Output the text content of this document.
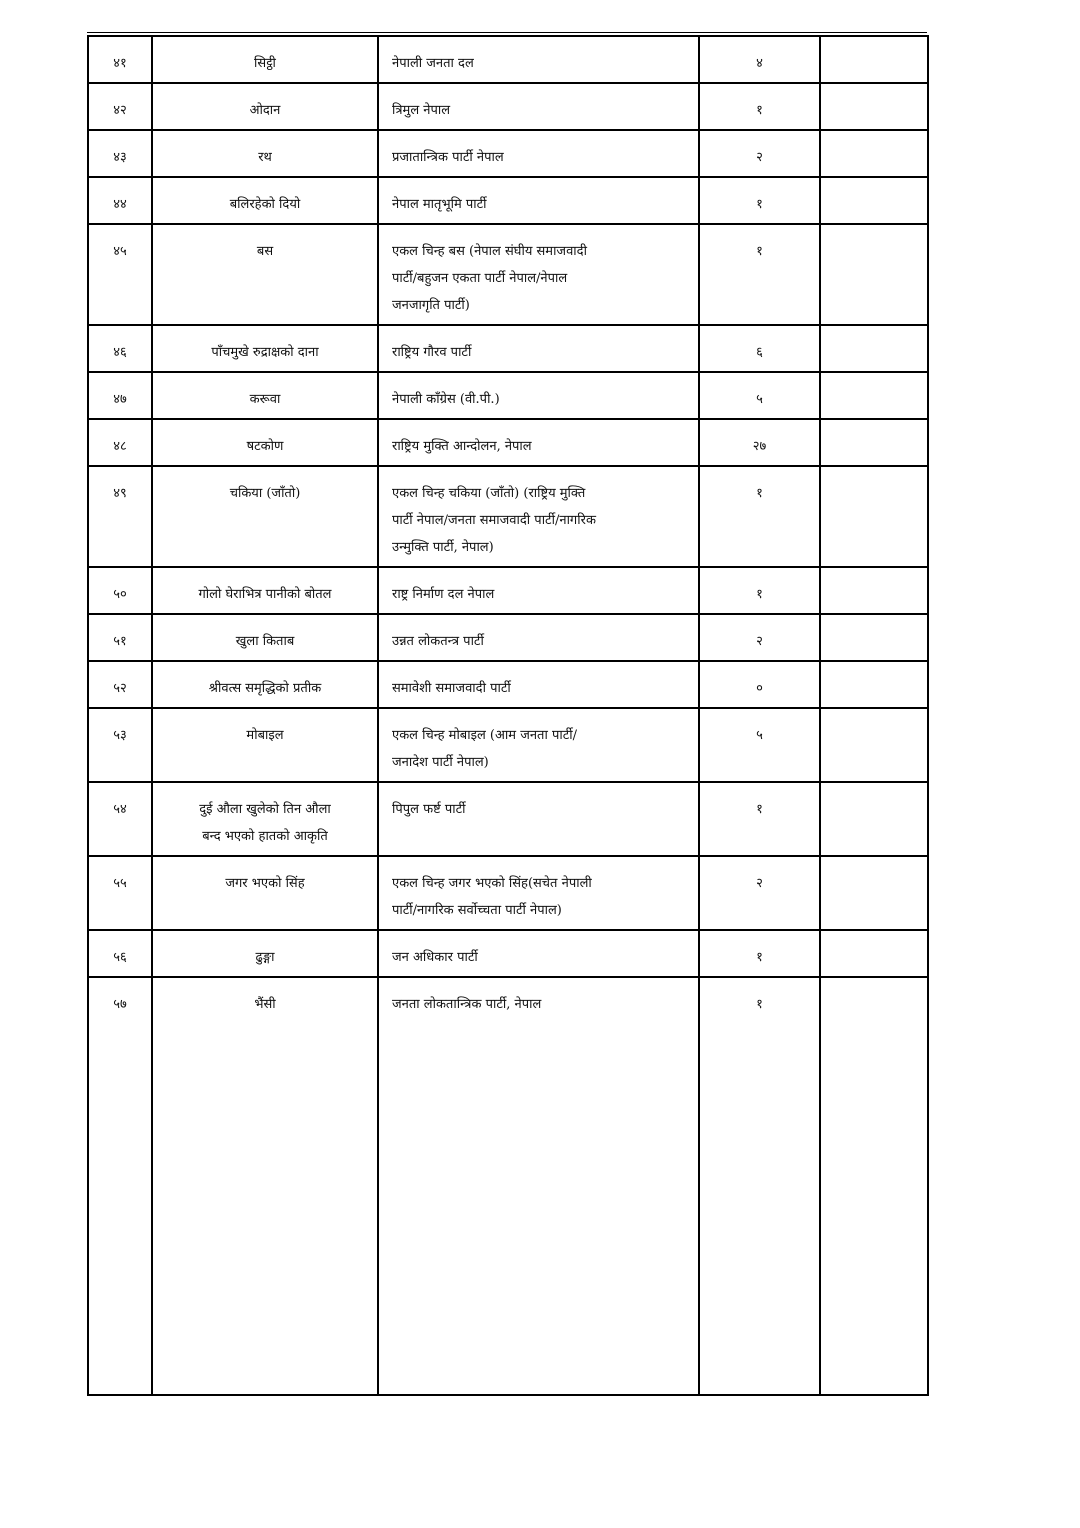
४१	सिट्ठी	नेपाली जनता दल	४	
४२	ओदान	त्रिमुल नेपाल	१	
४३	रथ	प्रजातान्त्रिक पार्टी नेपाल	२	
४४	बलिरहेको दियो	नेपाल मातृभूमि पार्टी	१	
४५	बस	एकल चिन्ह बस (नेपाल संघीय समाजवादी पार्टी/बहुजन एकता पार्टी नेपाल/नेपाल जनजागृति पार्टी)	१	
४६	पाँचमुखे रुद्राक्षको दाना	राष्ट्रिय गौरव पार्टी	६	
४७	करूवा	नेपाली काँग्रेस (वी.पी.)	५	
४८	षटकोण	राष्ट्रिय मुक्ति आन्दोलन, नेपाल	२७	
४९	चकिया (जाँतो)	एकल चिन्ह चकिया (जाँतो) (राष्ट्रिय मुक्ति पार्टी नेपाल/जनता समाजवादी पार्टी/नागरिक उन्मुक्ति पार्टी, नेपाल)	१	
५०	गोलो घेराभित्र पानीको बोतल	राष्ट्र निर्माण दल नेपाल	१	
५१	खुला किताब	उन्नत लोकतन्त्र पार्टी	२	
५२	श्रीवत्स समृद्धिको प्रतीक	समावेशी समाजवादी पार्टी	०	
५३	मोबाइल	एकल चिन्ह मोबाइल (आम जनता पार्टी/जनादेश पार्टी नेपाल)	५	
५४	दुई औला खुलेको तिन औला बन्द भएको हातको आकृति	पिपुल फर्ष्ट पार्टी	१	
५५	जगर भएको सिंह	एकल चिन्ह जगर भएको सिंह(सचेत नेपाली पार्टी/नागरिक सर्वोच्चता पार्टी नेपाल)	२	
५६	ढुङ्गा	जन अधिकार पार्टी	१	
५७	भैंसी	जनता लोकतान्त्रिक पार्टी, नेपाल	१	
